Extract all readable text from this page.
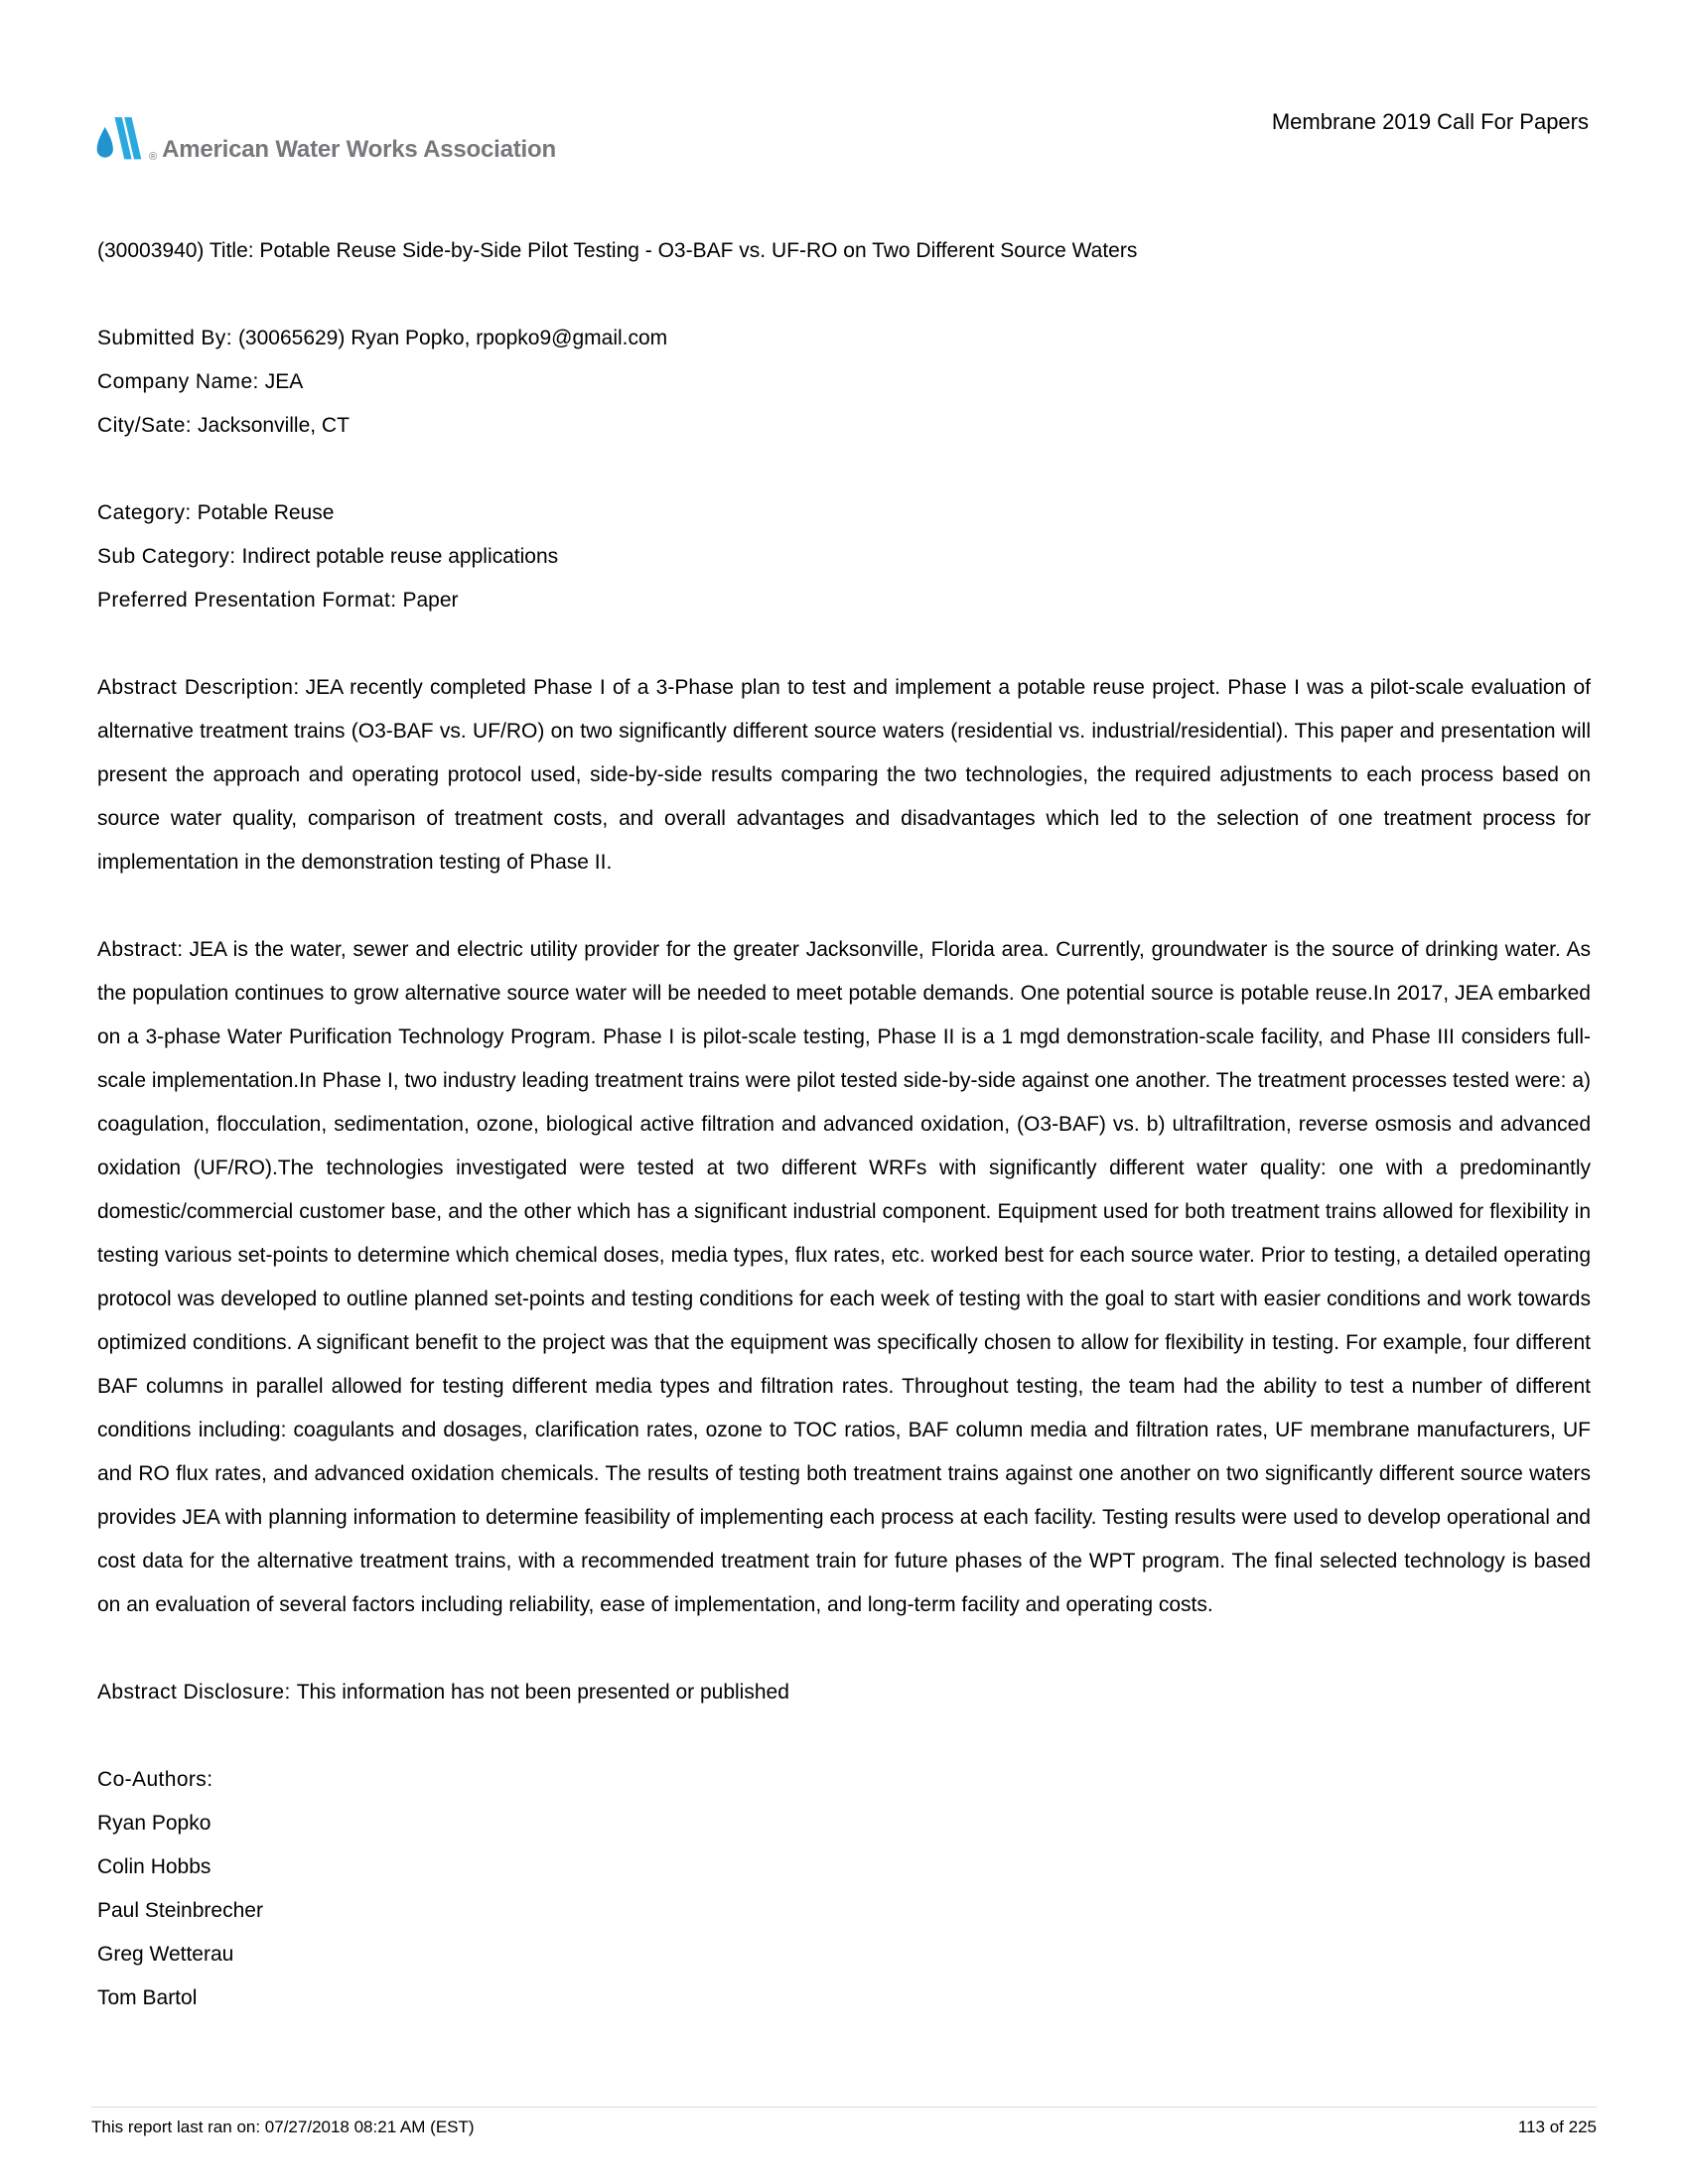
® American Water Works Association
Membrane 2019 Call For Papers

(30003940) Title: Potable Reuse Side-by-Side Pilot Testing - O3-BAF vs. UF-RO on Two Different Source Waters

Submitted By: (30065629) Ryan Popko, rpopko9@gmail.com

Company Name: JEA

City/Sate: Jacksonville, CT

Category: Potable Reuse

Sub Category: Indirect potable reuse applications

Preferred Presentation Format: Paper

Abstract Description: JEA recently completed Phase I of a 3-Phase plan to test and implement a potable reuse project. Phase I was a pilot-scale evaluation of alternative treatment trains (O3-BAF vs. UF/RO) on two significantly different source waters (residential vs. industrial/residential). This paper and presentation will present the approach and operating protocol used, side-by-side results comparing the two technologies, the required adjustments to each process based on source water quality, comparison of treatment costs, and overall advantages and disadvantages which led to the selection of one treatment process for implementation in the demonstration testing of Phase II.

Abstract: JEA is the water, sewer and electric utility provider for the greater Jacksonville, Florida area. Currently, groundwater is the source of drinking water. As the population continues to grow alternative source water will be needed to meet potable demands. One potential source is potable reuse.In 2017, JEA embarked on a 3-phase Water Purification Technology Program. Phase I is pilot-scale testing, Phase II is a 1 mgd demonstration-scale facility, and Phase III considers full-scale implementation.In Phase I, two industry leading treatment trains were pilot tested side-by-side against one another. The treatment processes tested were: a) coagulation, flocculation, sedimentation, ozone, biological active filtration and advanced oxidation, (O3-BAF) vs. b) ultrafiltration, reverse osmosis and advanced oxidation (UF/RO).The technologies investigated were tested at two different WRFs with significantly different water quality: one with a predominantly domestic/commercial customer base, and the other which has a significant industrial component. Equipment used for both treatment trains allowed for flexibility in testing various set-points to determine which chemical doses, media types, flux rates, etc. worked best for each source water. Prior to testing, a detailed operating protocol was developed to outline planned set-points and testing conditions for each week of testing with the goal to start with easier conditions and work towards optimized conditions. A significant benefit to the project was that the equipment was specifically chosen to allow for flexibility in testing. For example, four different BAF columns in parallel allowed for testing different media types and filtration rates. Throughout testing, the team had the ability to test a number of different conditions including: coagulants and dosages, clarification rates, ozone to TOC ratios, BAF column media and filtration rates, UF membrane manufacturers, UF and RO flux rates, and advanced oxidation chemicals. The results of testing both treatment trains against one another on two significantly different source waters provides JEA with planning information to determine feasibility of implementing each process at each facility. Testing results were used to develop operational and cost data for the alternative treatment trains, with a recommended treatment train for future phases of the WPT program. The final selected technology is based on an evaluation of several factors including reliability, ease of implementation, and long-term facility and operating costs.

Abstract Disclosure: This information has not been presented or published

Co-Authors:

Ryan Popko

Colin Hobbs

Paul Steinbrecher

Greg Wetterau

Tom Bartol

This report last ran on: 07/27/2018 08:21 AM (EST)	113 of 225
